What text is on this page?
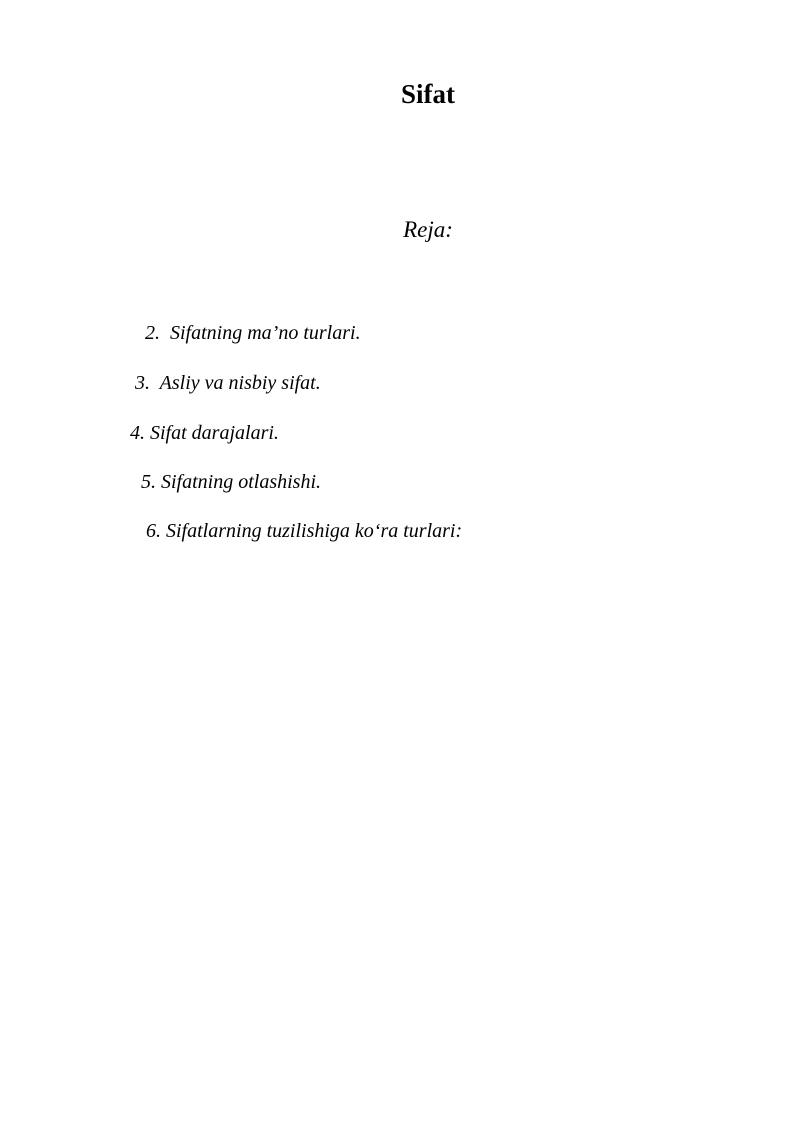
Sifat
Reja:
2.  Sifatning ma’no turlari.
3.  Asliy va nisbiy sifat.
4. Sifat darajalari.
5. Sifatning otlashishi.
6. Sifatlarning tuzilishiga ko‘ra turlari:
